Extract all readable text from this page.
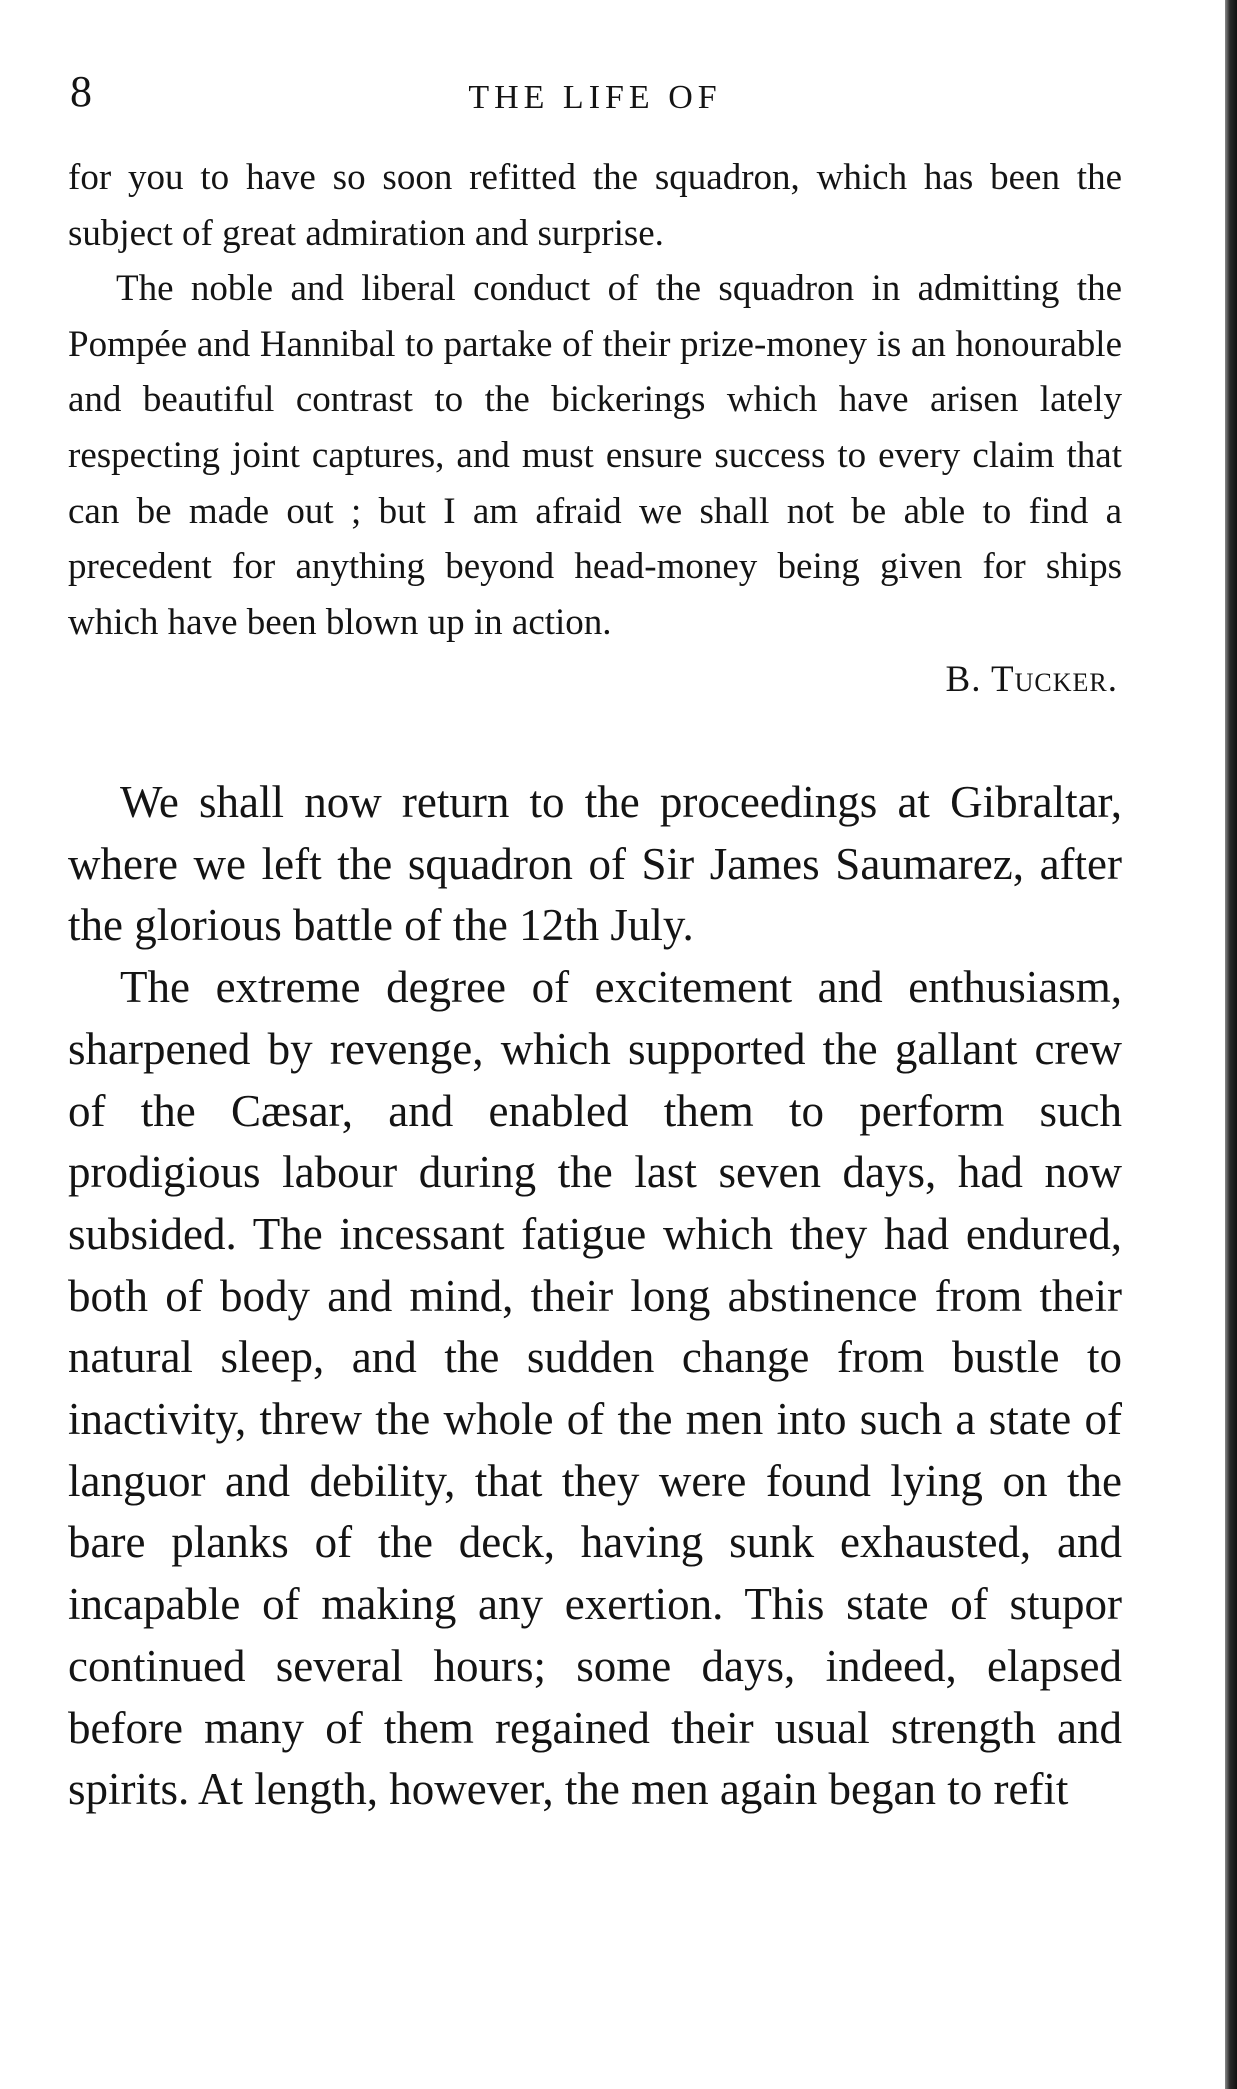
8	THE LIFE OF

for you to have so soon refitted the squadron, which has been the subject of great admiration and surprise.

The noble and liberal conduct of the squadron in admitting the Pompée and Hannibal to partake of their prize-money is an honourable and beautiful contrast to the bickerings which have arisen lately respecting joint captures, and must ensure success to every claim that can be made out ; but I am afraid we shall not be able to find a precedent for anything beyond head-money being given for ships which have been blown up in action.

B. Tucker.

We shall now return to the proceedings at Gibraltar, where we left the squadron of Sir James Saumarez, after the glorious battle of the 12th July.

The extreme degree of excitement and enthusiasm, sharpened by revenge, which supported the gallant crew of the Cæsar, and enabled them to perform such prodigious labour during the last seven days, had now subsided. The incessant fatigue which they had endured, both of body and mind, their long abstinence from their natural sleep, and the sudden change from bustle to inactivity, threw the whole of the men into such a state of languor and debility, that they were found lying on the bare planks of the deck, having sunk exhausted, and incapable of making any exertion. This state of stupor continued several hours; some days, indeed, elapsed before many of them regained their usual strength and spirits. At length, however, the men again began to refit
